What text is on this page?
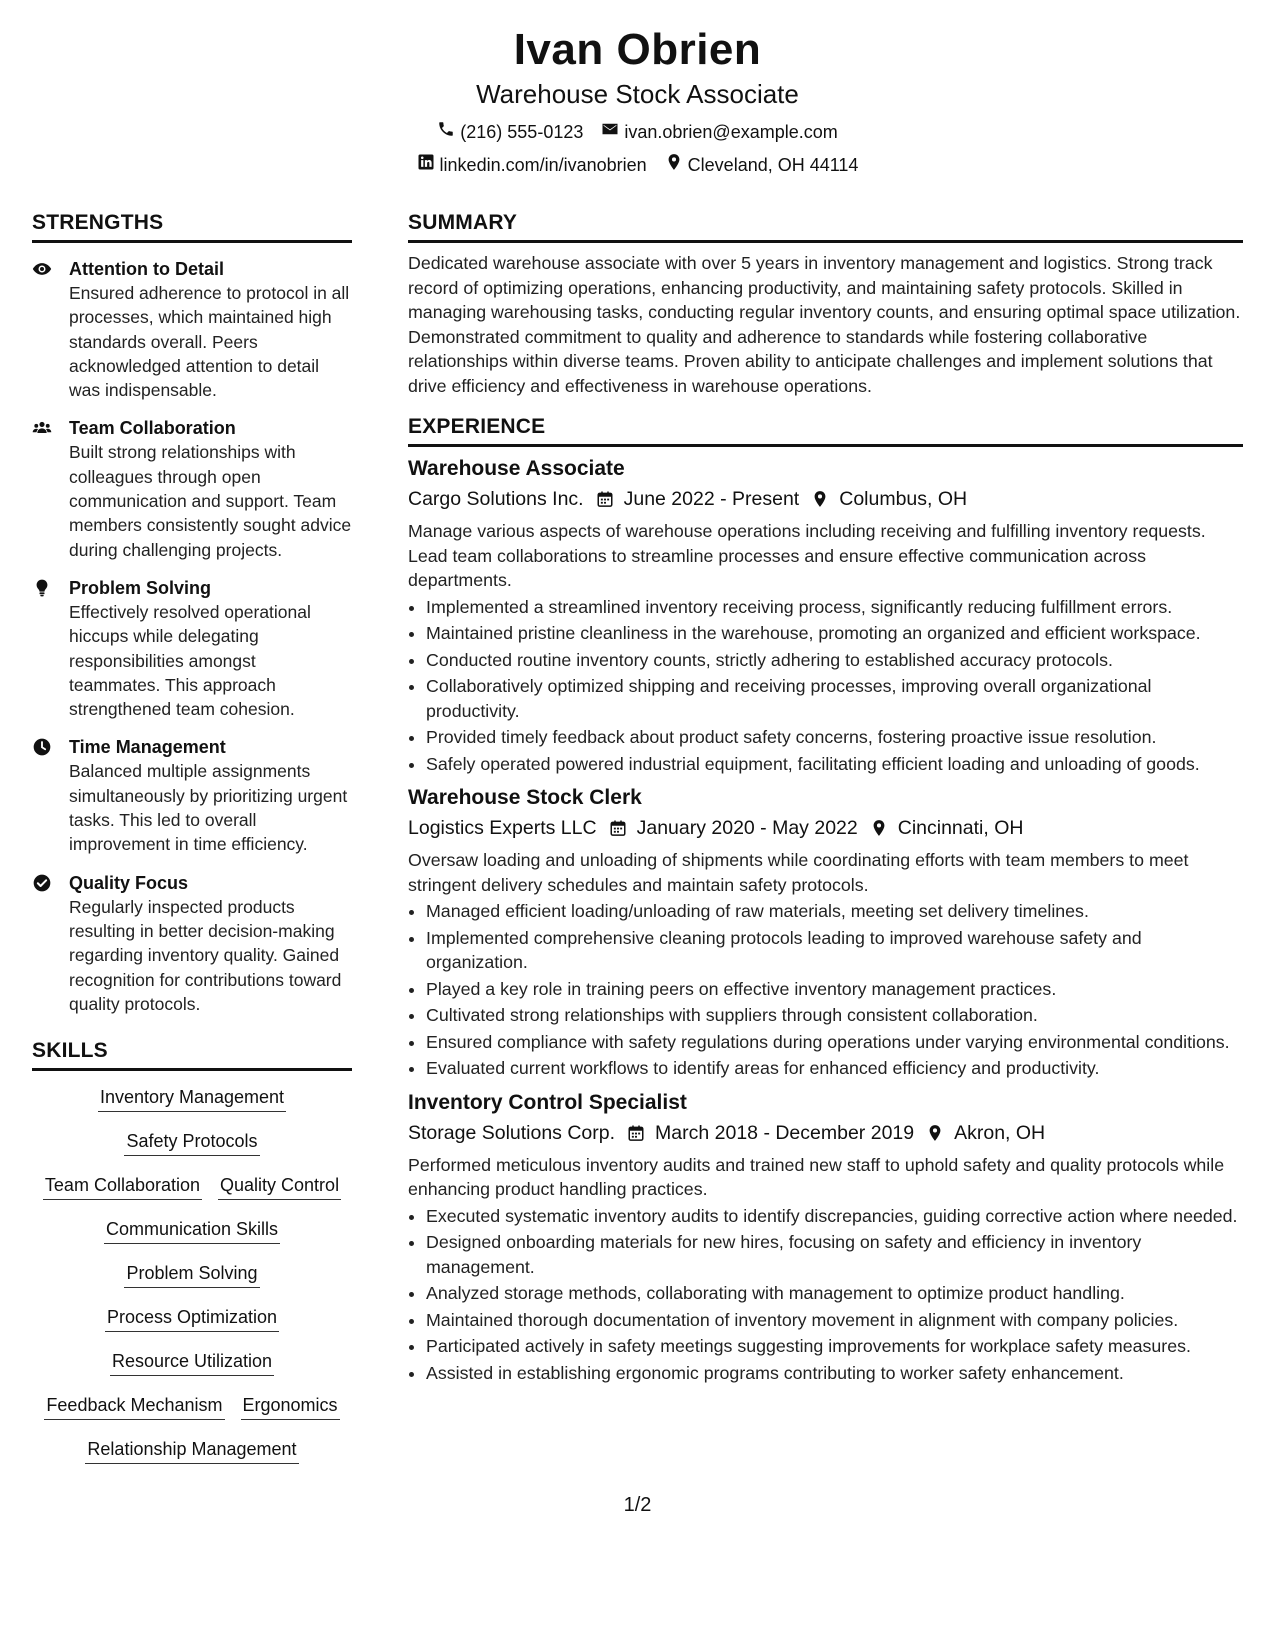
Ivan Obrien
Warehouse Stock Associate
(216) 555-0123 ivan.obrien@example.com
linkedin.com/in/ivanobrien Cleveland, OH 44114
STRENGTHS
Attention to Detail
Ensured adherence to protocol in all processes, which maintained high standards overall. Peers acknowledged attention to detail was indispensable.
Team Collaboration
Built strong relationships with colleagues through open communication and support. Team members consistently sought advice during challenging projects.
Problem Solving
Effectively resolved operational hiccups while delegating responsibilities amongst teammates. This approach strengthened team cohesion.
Time Management
Balanced multiple assignments simultaneously by prioritizing urgent tasks. This led to overall improvement in time efficiency.
Quality Focus
Regularly inspected products resulting in better decision-making regarding inventory quality. Gained recognition for contributions toward quality protocols.
SKILLS
Inventory Management
Safety Protocols
Team Collaboration Quality Control
Communication Skills
Problem Solving
Process Optimization
Resource Utilization
Feedback Mechanism Ergonomics
Relationship Management
SUMMARY
Dedicated warehouse associate with over 5 years in inventory management and logistics. Strong track record of optimizing operations, enhancing productivity, and maintaining safety protocols. Skilled in managing warehousing tasks, conducting regular inventory counts, and ensuring optimal space utilization. Demonstrated commitment to quality and adherence to standards while fostering collaborative relationships within diverse teams. Proven ability to anticipate challenges and implement solutions that drive efficiency and effectiveness in warehouse operations.
EXPERIENCE
Warehouse Associate
Cargo Solutions Inc. June 2022 - Present Columbus, OH
Manage various aspects of warehouse operations including receiving and fulfilling inventory requests. Lead team collaborations to streamline processes and ensure effective communication across departments.
• Implemented a streamlined inventory receiving process, significantly reducing fulfillment errors.
• Maintained pristine cleanliness in the warehouse, promoting an organized and efficient workspace.
• Conducted routine inventory counts, strictly adhering to established accuracy protocols.
• Collaboratively optimized shipping and receiving processes, improving overall organizational productivity.
• Provided timely feedback about product safety concerns, fostering proactive issue resolution.
• Safely operated powered industrial equipment, facilitating efficient loading and unloading of goods.
Warehouse Stock Clerk
Logistics Experts LLC January 2020 - May 2022 Cincinnati, OH
Oversaw loading and unloading of shipments while coordinating efforts with team members to meet stringent delivery schedules and maintain safety protocols.
• Managed efficient loading/unloading of raw materials, meeting set delivery timelines.
• Implemented comprehensive cleaning protocols leading to improved warehouse safety and organization.
• Played a key role in training peers on effective inventory management practices.
• Cultivated strong relationships with suppliers through consistent collaboration.
• Ensured compliance with safety regulations during operations under varying environmental conditions.
• Evaluated current workflows to identify areas for enhanced efficiency and productivity.
Inventory Control Specialist
Storage Solutions Corp. March 2018 - December 2019 Akron, OH
Performed meticulous inventory audits and trained new staff to uphold safety and quality protocols while enhancing product handling practices.
• Executed systematic inventory audits to identify discrepancies, guiding corrective action where needed.
• Designed onboarding materials for new hires, focusing on safety and efficiency in inventory management.
• Analyzed storage methods, collaborating with management to optimize product handling.
• Maintained thorough documentation of inventory movement in alignment with company policies.
• Participated actively in safety meetings suggesting improvements for workplace safety measures.
• Assisted in establishing ergonomic programs contributing to worker safety enhancement.
1/2
